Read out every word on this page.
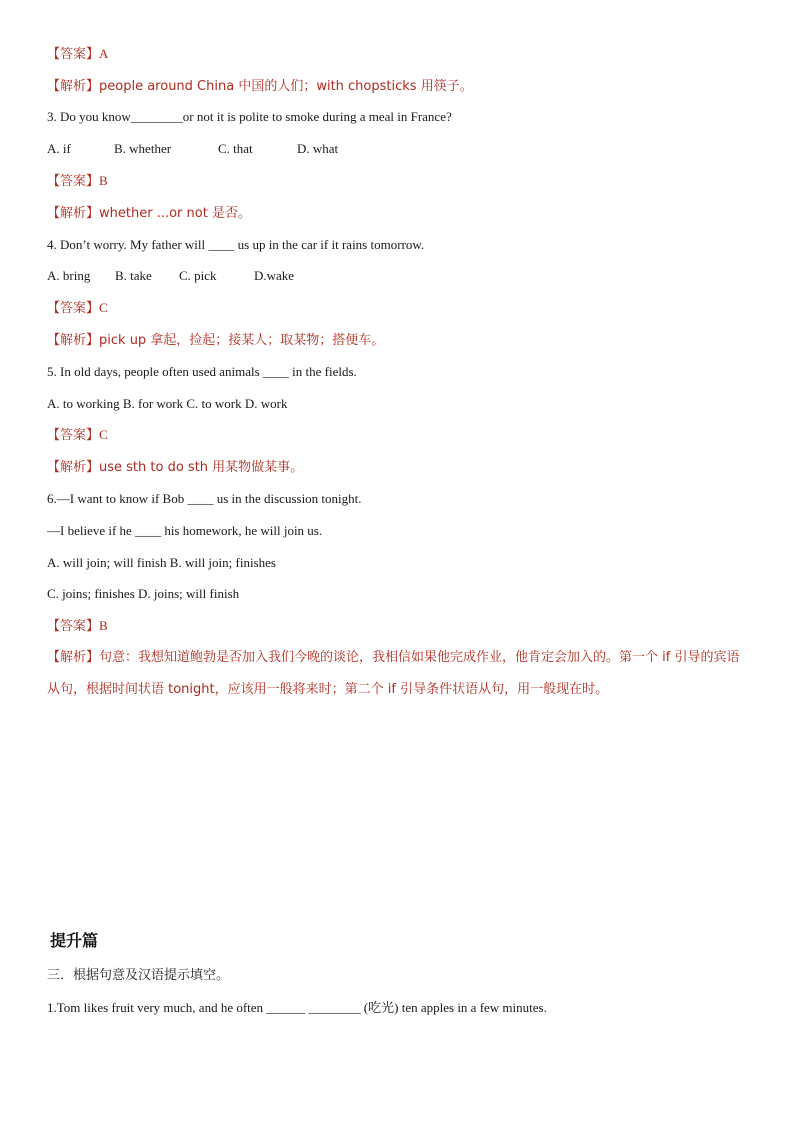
【答案】A
【解析】people around China 中国的人们；with chopsticks 用筷子。
3. Do you know________or not it is polite to smoke during a meal in France?
A. if	B. whether	C. that	D. what
【答案】B
【解析】whether ...or not 是否。
4. Don’t worry. My father will ____ us up in the car if it rains tomorrow.
A. bring B. take C. pick	D.wake
【答案】C
【解析】pick up 拿起，捡起；接某人；取某物；搭便车。
5. In old days, people often used animals ____ in the fields.
A. to working B. for work C. to work D. work
【答案】C
【解析】use sth to do sth 用某物做某事。
6.—I want to know if Bob ____ us in the discussion tonight.
—I believe if he ____ his homework, he will join us.
A. will join; will finish B. will join; finishes
C. joins; finishes D. joins; will finish
【答案】B
【解析】句意：我想知道鲍勃是否加入我们今晚的谈论，我相信如果他完成作业，他肯定会加入的。第一个 if 引导的宾语从句，根据时间状语 tonight，应该用一般将来时；第二个 if 引导条件状语从句，用一般现在时。
提升篇
三．根据句意及汉语提示填空。
1.Tom likes fruit very much, and he often ______ ________ (吃光) ten apples in a few minutes.
